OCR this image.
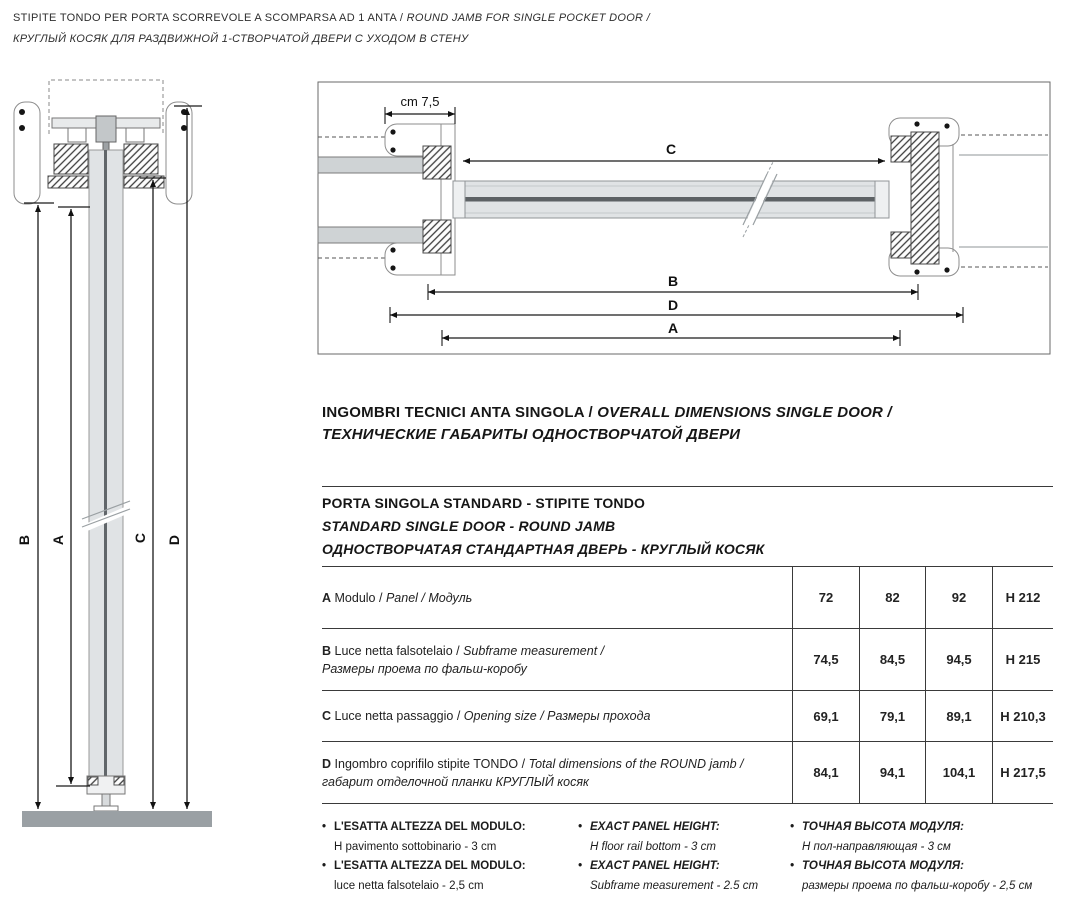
STIPITE TONDO PER PORTA SCORREVOLE A SCOMPARSA AD 1 ANTA / ROUND JAMB FOR SINGLE POCKET DOOR /
КРУГЛЫЙ КОСЯК ДЛЯ РАЗДВИЖНОЙ 1-СТВОРЧАТОЙ ДВЕРИ С УХОДОМ В СТЕНУ
B A	C D
cm 7,5
C
B
D
A
INGOMBRI TECNICI ANTA SINGOLA / OVERALL DIMENSIONS SINGLE DOOR /
ТЕХНИЧЕСКИЕ ГАБАРИТЫ ОДНОСТВОРЧАТОЙ ДВЕРИ
PORTA SINGOLA STANDARD - STIPITE TONDO
STANDARD SINGLE DOOR - ROUND JAMB
ОДНОСТВОРЧАТАЯ СТАНДАРТНАЯ ДВЕРЬ - КРУГЛЫЙ КОСЯК
A Modulo / Panel / Модуль	72	82	92	H 212
B Luce netta falsotelaio / Subframe measurement /
Размеры проема по фальш-коробу
74,5	84,5	94,5	H 215
C Luce netta passaggio / Opening size / Размеры прохода	69,1	79,1	89,1	H 210,3
D Ingombro coprifilo stipite TONDO / Total dimensions of the ROUND jamb /
габарит отделочной планки КРУГЛЫЙ косяк
84,1	94,1	104,1	H 217,5
• L'ESATTA ALTEZZA DEL MODULO:
H pavimento sottobinario - 3 cm
• L'ESATTA ALTEZZA DEL MODULO:
luce netta falsotelaio - 2,5 cm
• EXACT PANEL HEIGHT:
H floor rail bottom - 3 cm
• EXACT PANEL HEIGHT:
Subframe measurement - 2.5 cm
• ТОЧНАЯ ВЫСОТА МОДУЛЯ:
Н пол-направляющая - 3 см
• ТОЧНАЯ ВЫСОТА МОДУЛЯ:
размеры проема по фальш-коробу - 2,5 см
